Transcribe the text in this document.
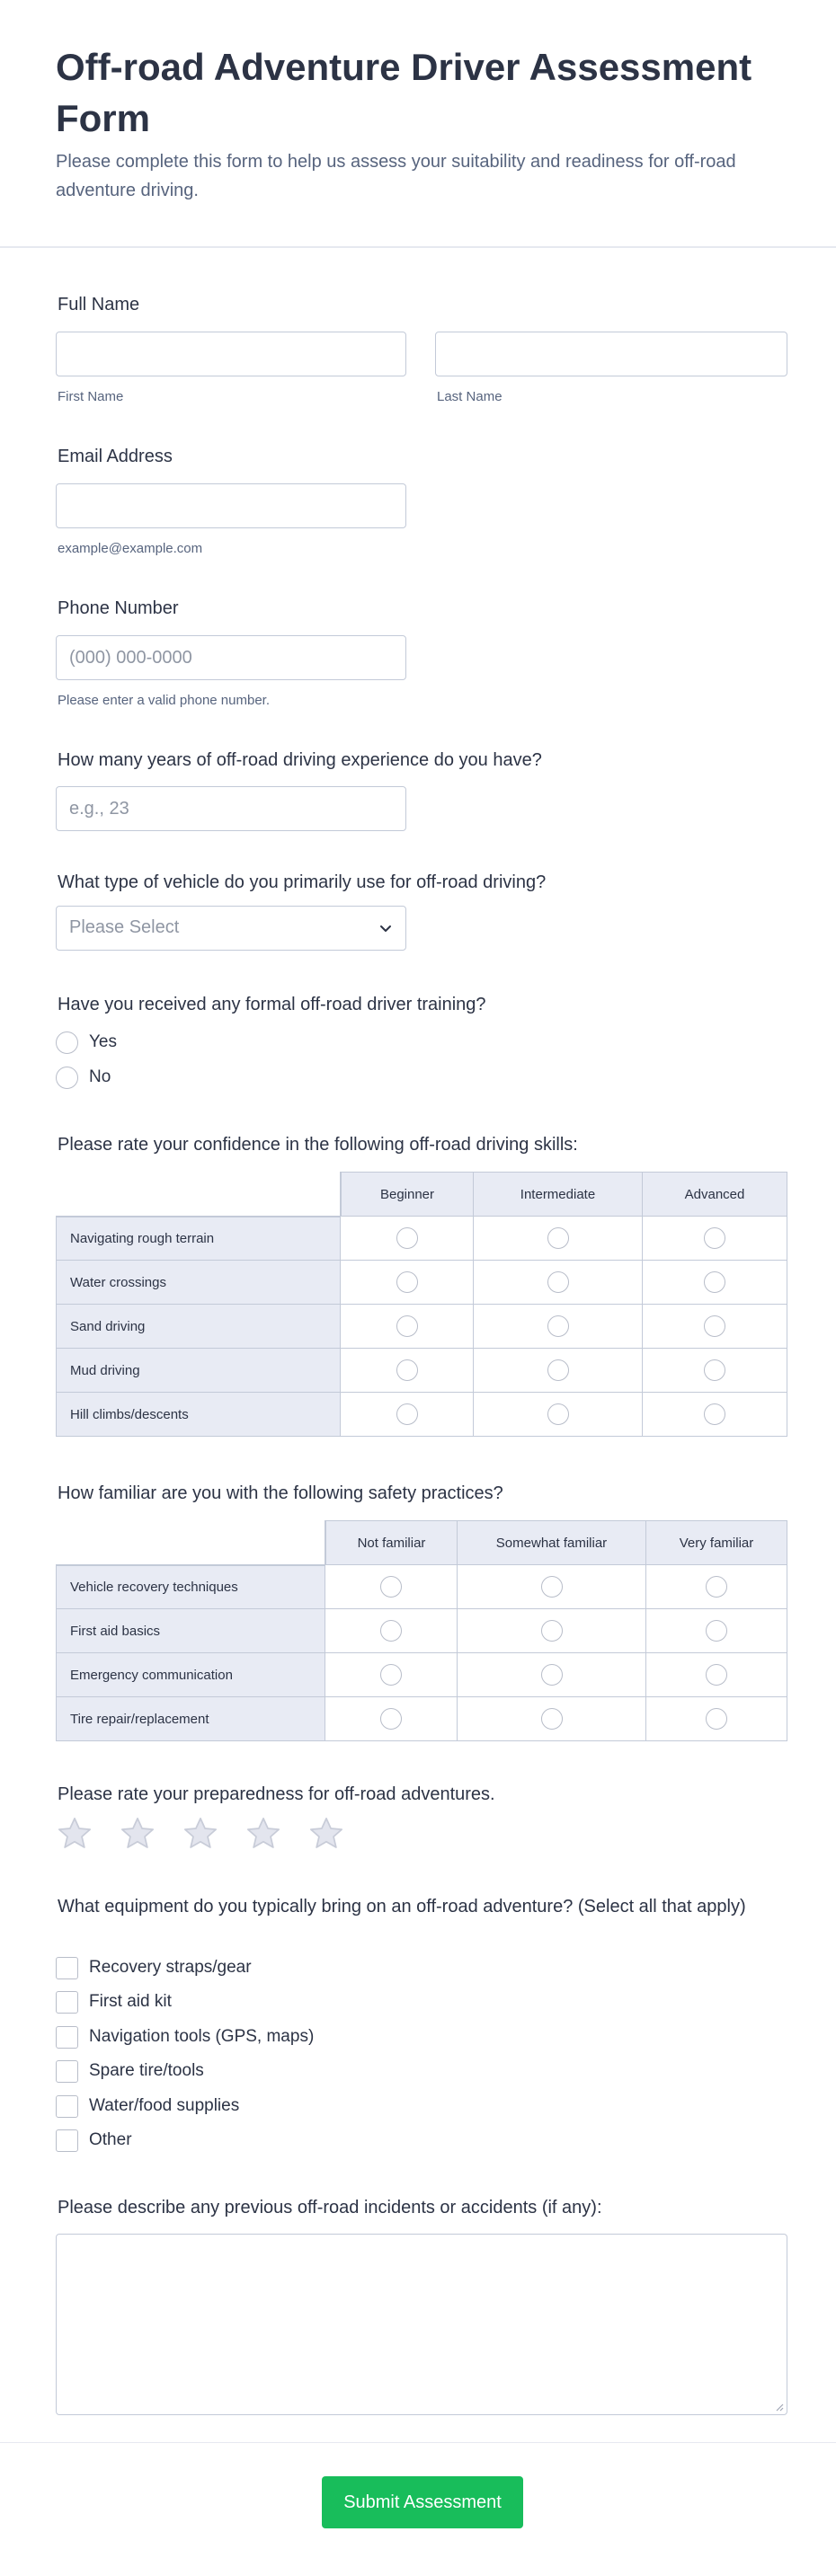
Off-road Adventure Driver Assessment Form

Please complete this form to help us assess your suitability and readiness for off-road adventure driving.

Full Name
First Name	Last Name
Email Address
example@example.com
Phone Number
(000) 000-0000
Please enter a valid phone number.
How many years of off-road driving experience do you have?
e.g., 23
What type of vehicle do you primarily use for off-road driving?
Please Select
Have you received any formal off-road driver training?
Yes
No
Please rate your confidence in the following off-road driving skills:
	Beginner	Intermediate	Advanced
Navigating rough terrain			
Water crossings			
Sand driving			
Mud driving			
Hill climbs/descents			
How familiar are you with the following safety practices?
	Not familiar	Somewhat familiar	Very familiar
Vehicle recovery techniques			
First aid basics			
Emergency communication			
Tire repair/replacement			
Please rate your preparedness for off-road adventures.
What equipment do you typically bring on an off-road adventure? (Select all that apply)
Recovery straps/gear
First aid kit
Navigation tools (GPS, maps)
Spare tire/tools
Water/food supplies
Other
Please describe any previous off-road incidents or accidents (if any):
Submit Assessment
